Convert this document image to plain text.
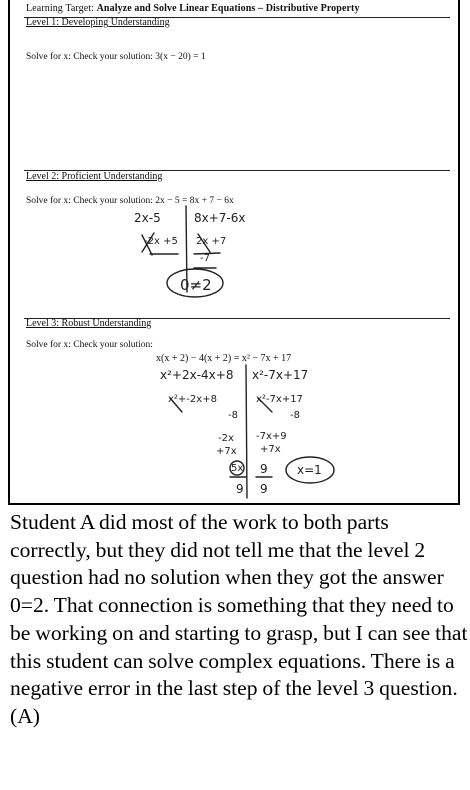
Learning Target: Analyze and Solve Linear Equations – Distributive Property
Level 1: Developing Understanding
Solve for x: Check your solution: 3(x − 20) = 1
Level 2: Proficient Understanding
Solve for x: Check your solution: 2x − 5 = 8x + 7 − 6x
2x-5	8x+7-6x
-2x +5 2x +7
-7
0≠2
Level 3: Robust Understanding
Solve for x: Check your solution:
x(x + 2) − 4(x + 2) = x² − 7x + 17
x²+2x-4x+8 x²-7x+17
x²+-2x+8	x²-7x+17
-8	-8
-2x -7x+9
+7x +7x
5x 9
9 9
x=1
Student A did most of the work to both parts correctly, but they did not tell me that the level 2 question had no solution when they got the answer 0=2. That connection is something that they need to be working on and starting to grasp, but I can see that this student can solve complex equations. There is a negative error in the last step of the level 3 question. (A)
